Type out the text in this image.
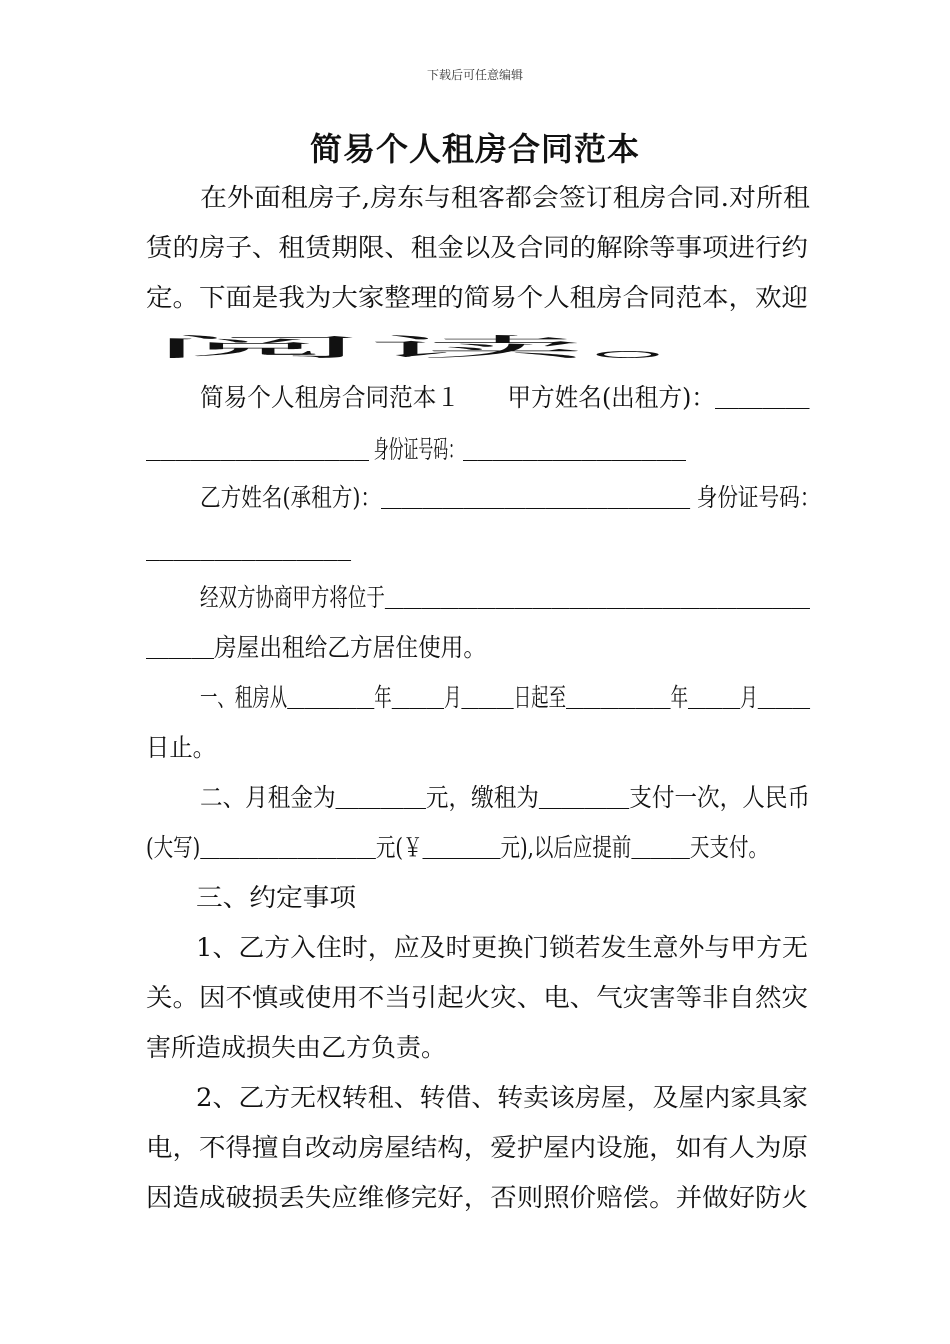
下载后可任意编辑
简易个人租房合同范本
在外面租房子,房东与租客都会签订租房合同.对所租
赁的房子、租赁期限、租金以及合同的解除等事项进行约
定。下面是我为大家整理的简易个人租房合同范本，欢迎
阅读。
简易个人租房合同范本１　　甲方姓名(出租方)：＿＿＿＿
＿＿＿＿＿＿＿＿＿＿＿＿＿＿＿ 身份证号码：＿＿＿＿＿＿＿＿＿＿＿＿＿＿＿
乙方姓名(承租方)：＿＿＿＿＿＿＿＿＿＿＿＿＿＿＿ 身份证号码：
＿＿＿＿＿＿＿＿＿＿＿＿＿＿＿
经双方协商甲方将位于＿＿＿＿＿＿＿＿＿＿＿＿＿＿＿＿＿＿＿＿＿＿＿
＿＿＿房屋出租给乙方居住使用。
一、租房从＿＿＿＿＿年＿＿＿月＿＿＿日起至＿＿＿＿＿＿年＿＿＿月＿＿＿
日止。
二、月租金为＿＿＿＿元，缴租为＿＿＿＿支付一次，人民币
(大写)＿＿＿＿＿＿＿＿＿元(￥＿＿＿＿元),以后应提前＿＿＿天支付。
三、约定事项
1、乙方入住时，应及时更换门锁若发生意外与甲方无
关。因不慎或使用不当引起火灾、电、气灾害等非自然灾
害所造成损失由乙方负责。
2、乙方无权转租、转借、转卖该房屋，及屋内家具家
电，不得擅自改动房屋结构，爱护屋内设施，如有人为原
因造成破损丢失应维修完好，否则照价赔偿。并做好防火
